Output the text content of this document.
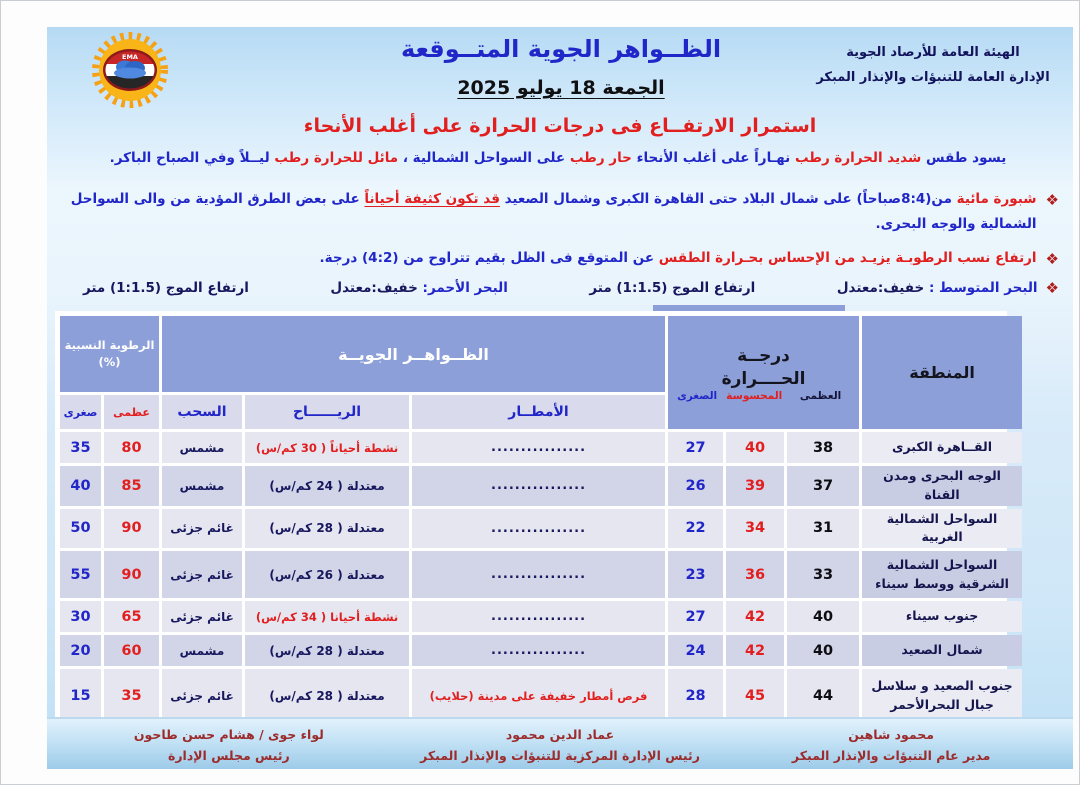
الهيئة العامة للأرصاد الجوية
الإدارة العامة للتنبؤات والإنذار المبكر
الظــواهر الجوية المتــوقعة
الجمعة 18 يوليو 2025
EMA
استمرار الارتفــاع فى درجات الحرارة على أغلب الأنحاء
يسود طقس شديد الحرارة رطب نهـاراً على أغلب الأنحاء حار رطب على السواحل الشمالية ، مائل للحرارة رطب ليــلاً وفي الصباح الباكر.
❖
شبورة مائية من(8:4صباحاً) على شمال البلاد حتى القاهرة الكبرى وشمال الصعيد قد تكون كثيفة أحياناً على بعض الطرق المؤدية من والى السواحل الشمالية والوجه البحرى.
❖
ارتفاع نسب الرطوبـة يزيـد من الإحساس بحـرارة الطقس عن المتوقع فى الظل بقيم تتراوح من (4:2) درجة.
❖
البحر المتوسط : خفيف:معتدل
ارتفاع الموج (1:1.5) متر
البحر الأحمر: خفيف:معتدل
ارتفاع الموج (1:1.5) متر
المنطقة	
درجــة
الحــــرارة
العظمى
المحسوسة
الصغرى
	الظــواهــر الجويــة	
الرطوبة النسبية
(%)

				الأمطــار	الريــــــاح	السحب	عظمى	صغرى
القــاهرة الكبرى	38	40	27	................	نشطة أحياناً ( 30 كم/س)	مشمس	80	35
الوجه البحرى ومدن القناة	37	39	26	................	معتدلة ( 24 كم/س)	مشمس	85	40
السواحل الشمالية الغربية	31	34	22	................	معتدلة ( 28 كم/س)	غائم جزئى	90	50
السواحل الشمالية الشرقية ووسط سيناء	33	36	23	................	معتدلة ( 26 كم/س)	غائم جزئى	90	55
جنوب سيناء	40	42	27	................	نشطة أحيانا ( 34 كم/س)	غائم جزئى	65	30
شمال الصعيد	40	42	24	................	معتدلة ( 28 كم/س)	مشمس	60	20
جنوب الصعيد و سلاسل جبال البحرالأحمر	44	45	28	فرص أمطار خفيفة على مدينة (حلايب)	معتدلة ( 28 كم/س)	غائم جزئى	35	15
محمود شاهين
مدير عام التنبؤات والإنذار المبكر
عماد الدين محمود
رئيس الإدارة المركزية للتنبؤات والإنذار المبكر
لواء جوى / هشام حسن طاحون
رئيس مجلس الإدارة
